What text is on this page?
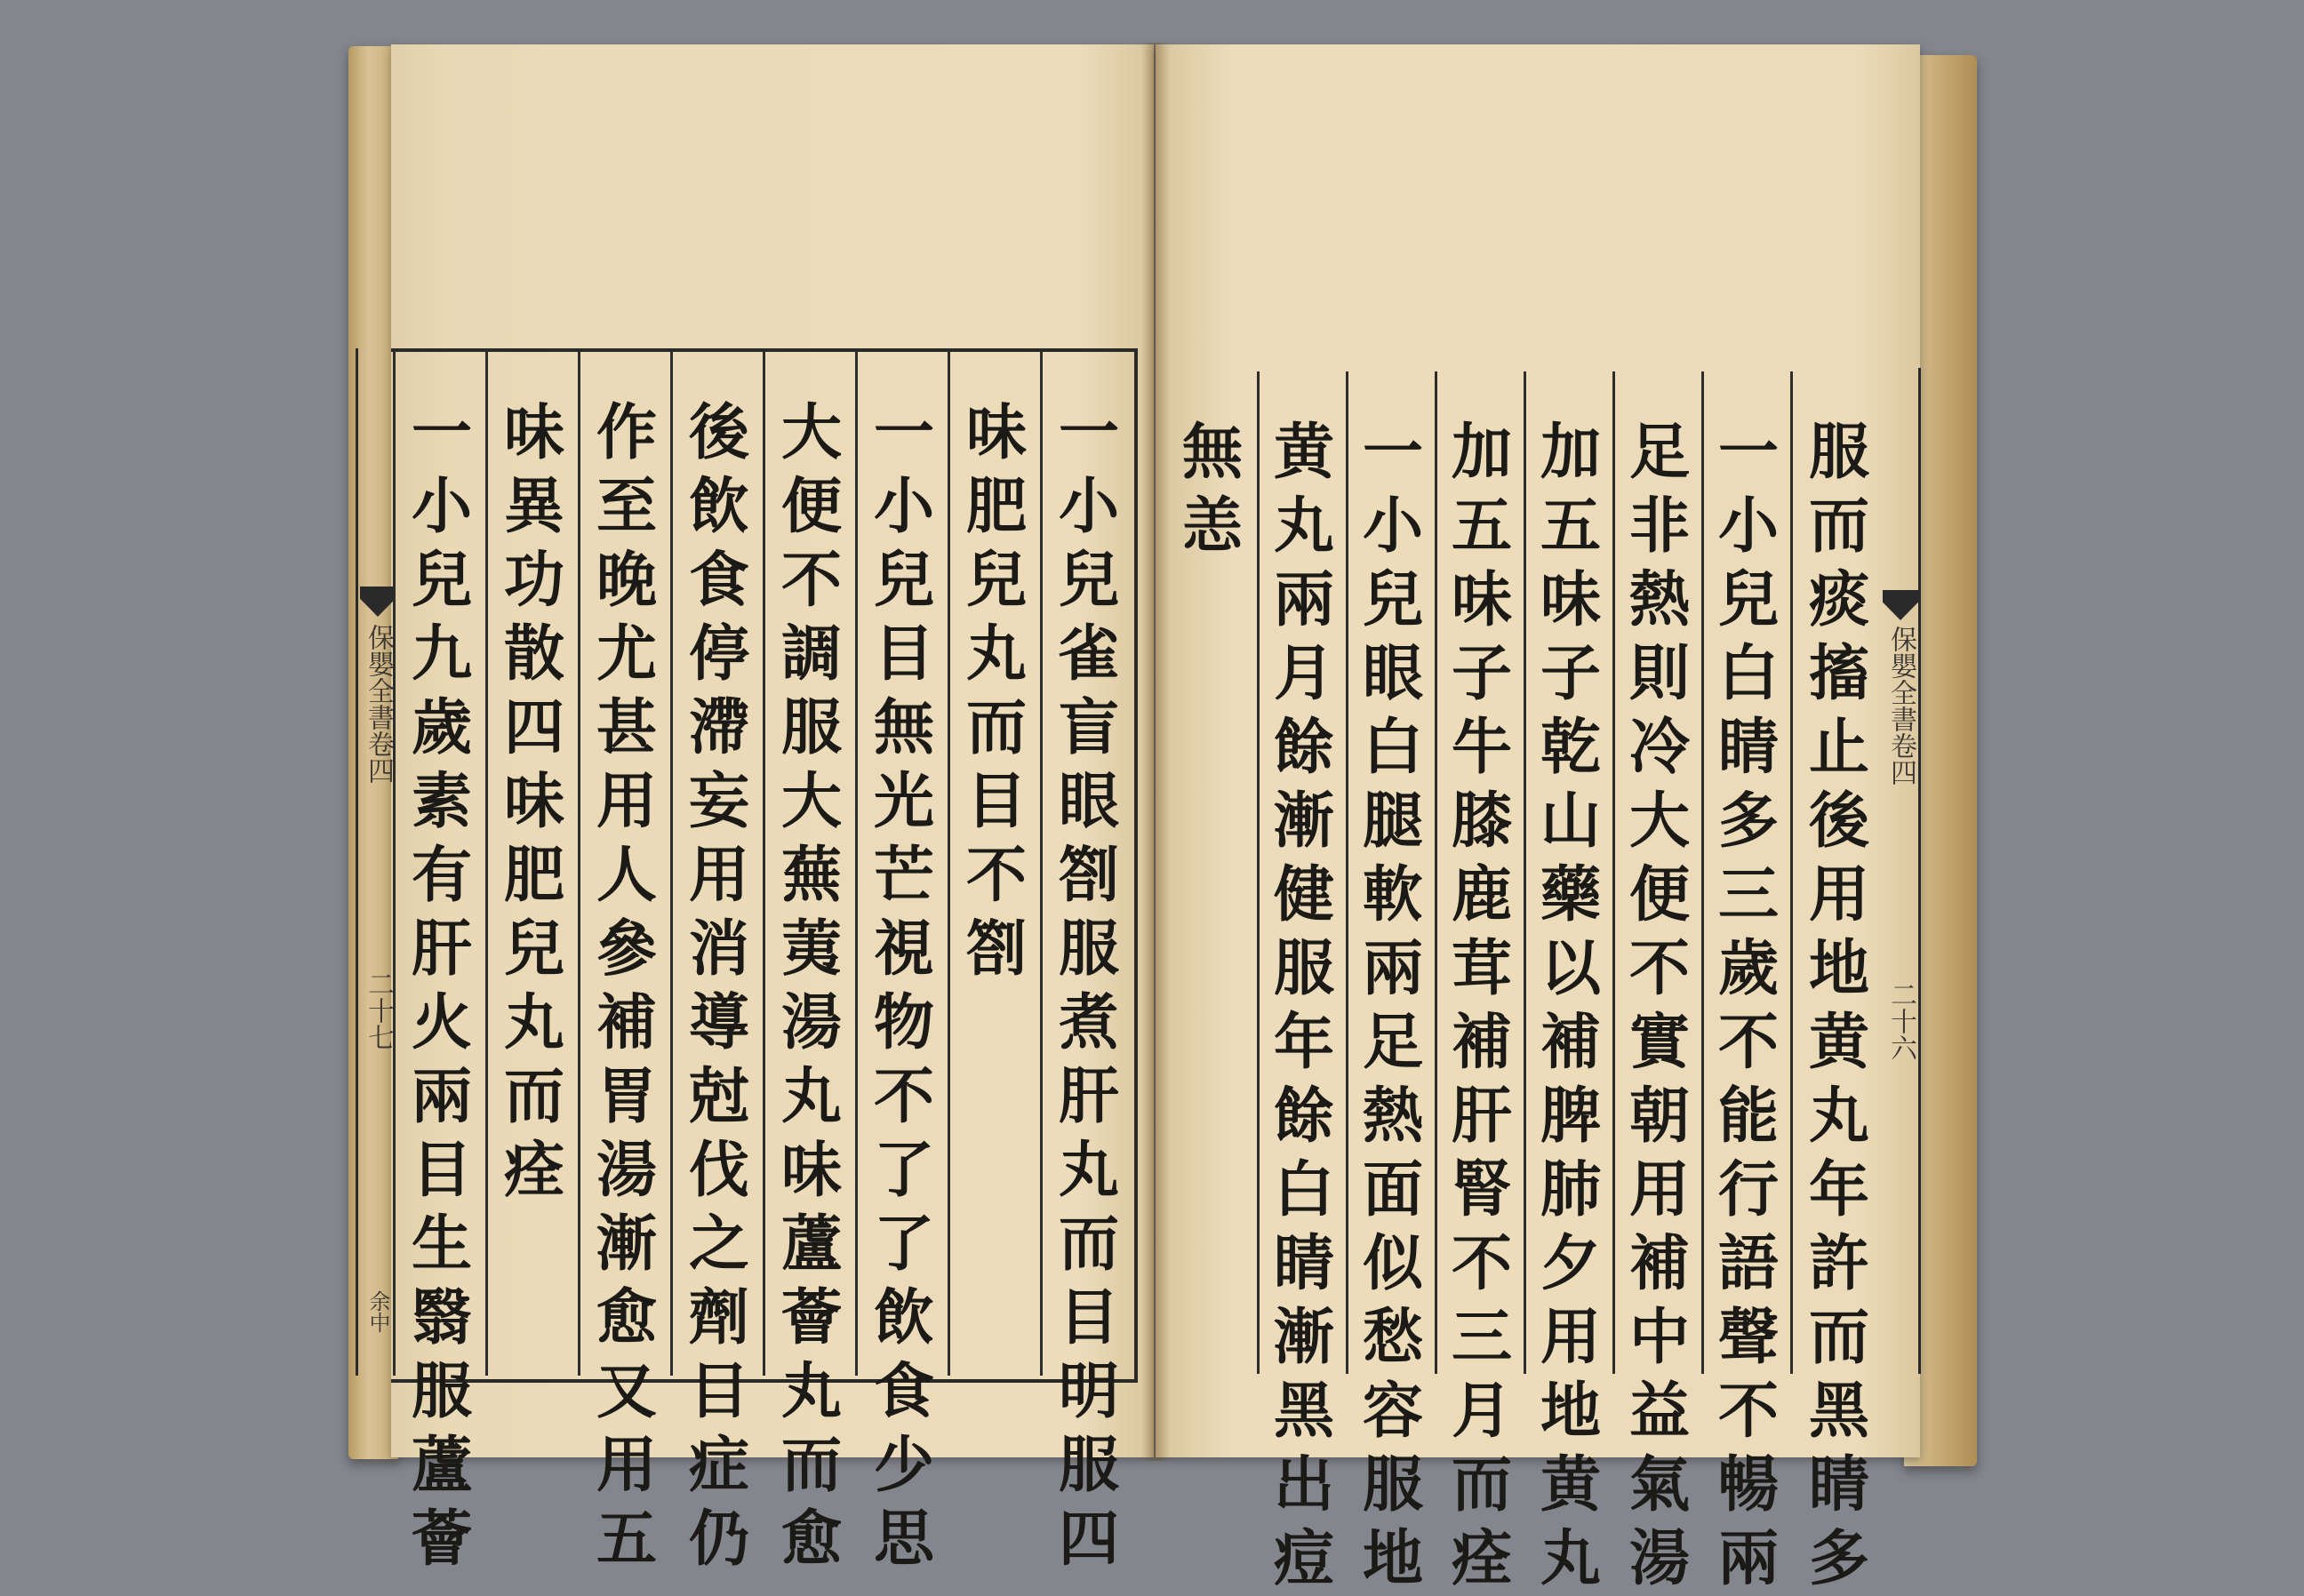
保嬰全書卷四
二十七
余中
保嬰全書卷四
二十六
一
小
兒
九
歲
素
有
肝
火
兩
目
生
翳
服
蘆
薈
味
異
功
散
四
味
肥
兒
丸
而
痊
作
至
晚
尤
甚
用
人
參
補
胃
湯
漸
愈
又
用
五
後
飲
食
停
滯
妄
用
消
導
尅
伐
之
劑
目
症
仍
大
便
不
調
服
大
蕪
荑
湯
丸
味
蘆
薈
丸
而
愈
一
小
兒
目
無
光
芒
視
物
不
了
了
飲
食
少
思
味
肥
兒
丸
而
目
不
劄
一
小
兒
雀
盲
眼
劄
服
煮
肝
丸
而
目
明
服
四
無
恙
黄
丸
兩
月
餘
漸
健
服
年
餘
白
睛
漸
黑
出
痘
一
小
兒
眼
白
腿
軟
兩
足
熱
面
似
愁
容
服
地
加
五
味
子
牛
膝
鹿
茸
補
肝
腎
不
三
月
而
痊
加
五
味
子
乾
山
藥
以
補
脾
肺
夕
用
地
黄
丸
足
非
熱
則
冷
大
便
不
實
朝
用
補
中
益
氣
湯
一
小
兒
白
睛
多
三
歲
不
能
行
語
聲
不
暢
兩
服
而
痰
搐
止
後
用
地
黄
丸
年
許
而
黑
睛
多
